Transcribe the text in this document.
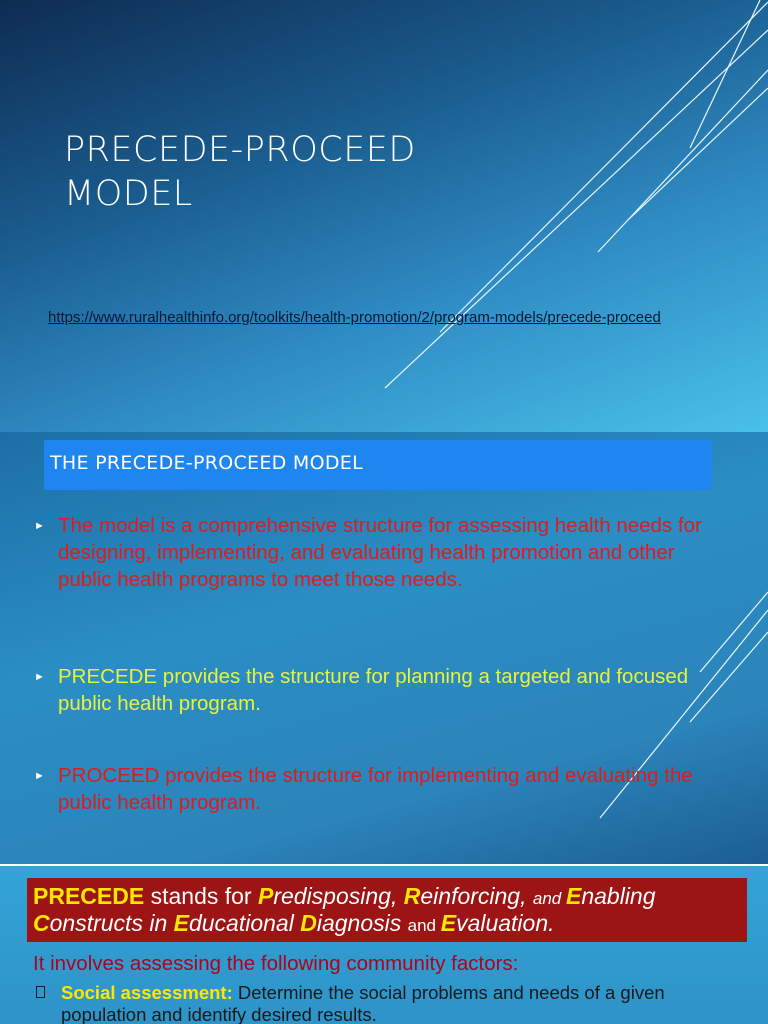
PRECEDE-PROCEED
MODEL
https://www.ruralhealthinfo.org/toolkits/health-promotion/2/program-models/precede-proceed
THE PRECEDE-PROCEED MODEL
► The model is a comprehensive structure for assessing health needs for designing, implementing, and evaluating health promotion and other public health programs to meet those needs.
► PRECEDE provides the structure for planning a targeted and focused public health program.
► PROCEED provides the structure for implementing and evaluating the public health program.
PRECEDE stands for Predisposing, Reinforcing, and Enabling
Constructs in Educational Diagnosis and Evaluation.
It involves assessing the following community factors:
Social assessment: Determine the social problems and needs of a given population and identify desired results.
